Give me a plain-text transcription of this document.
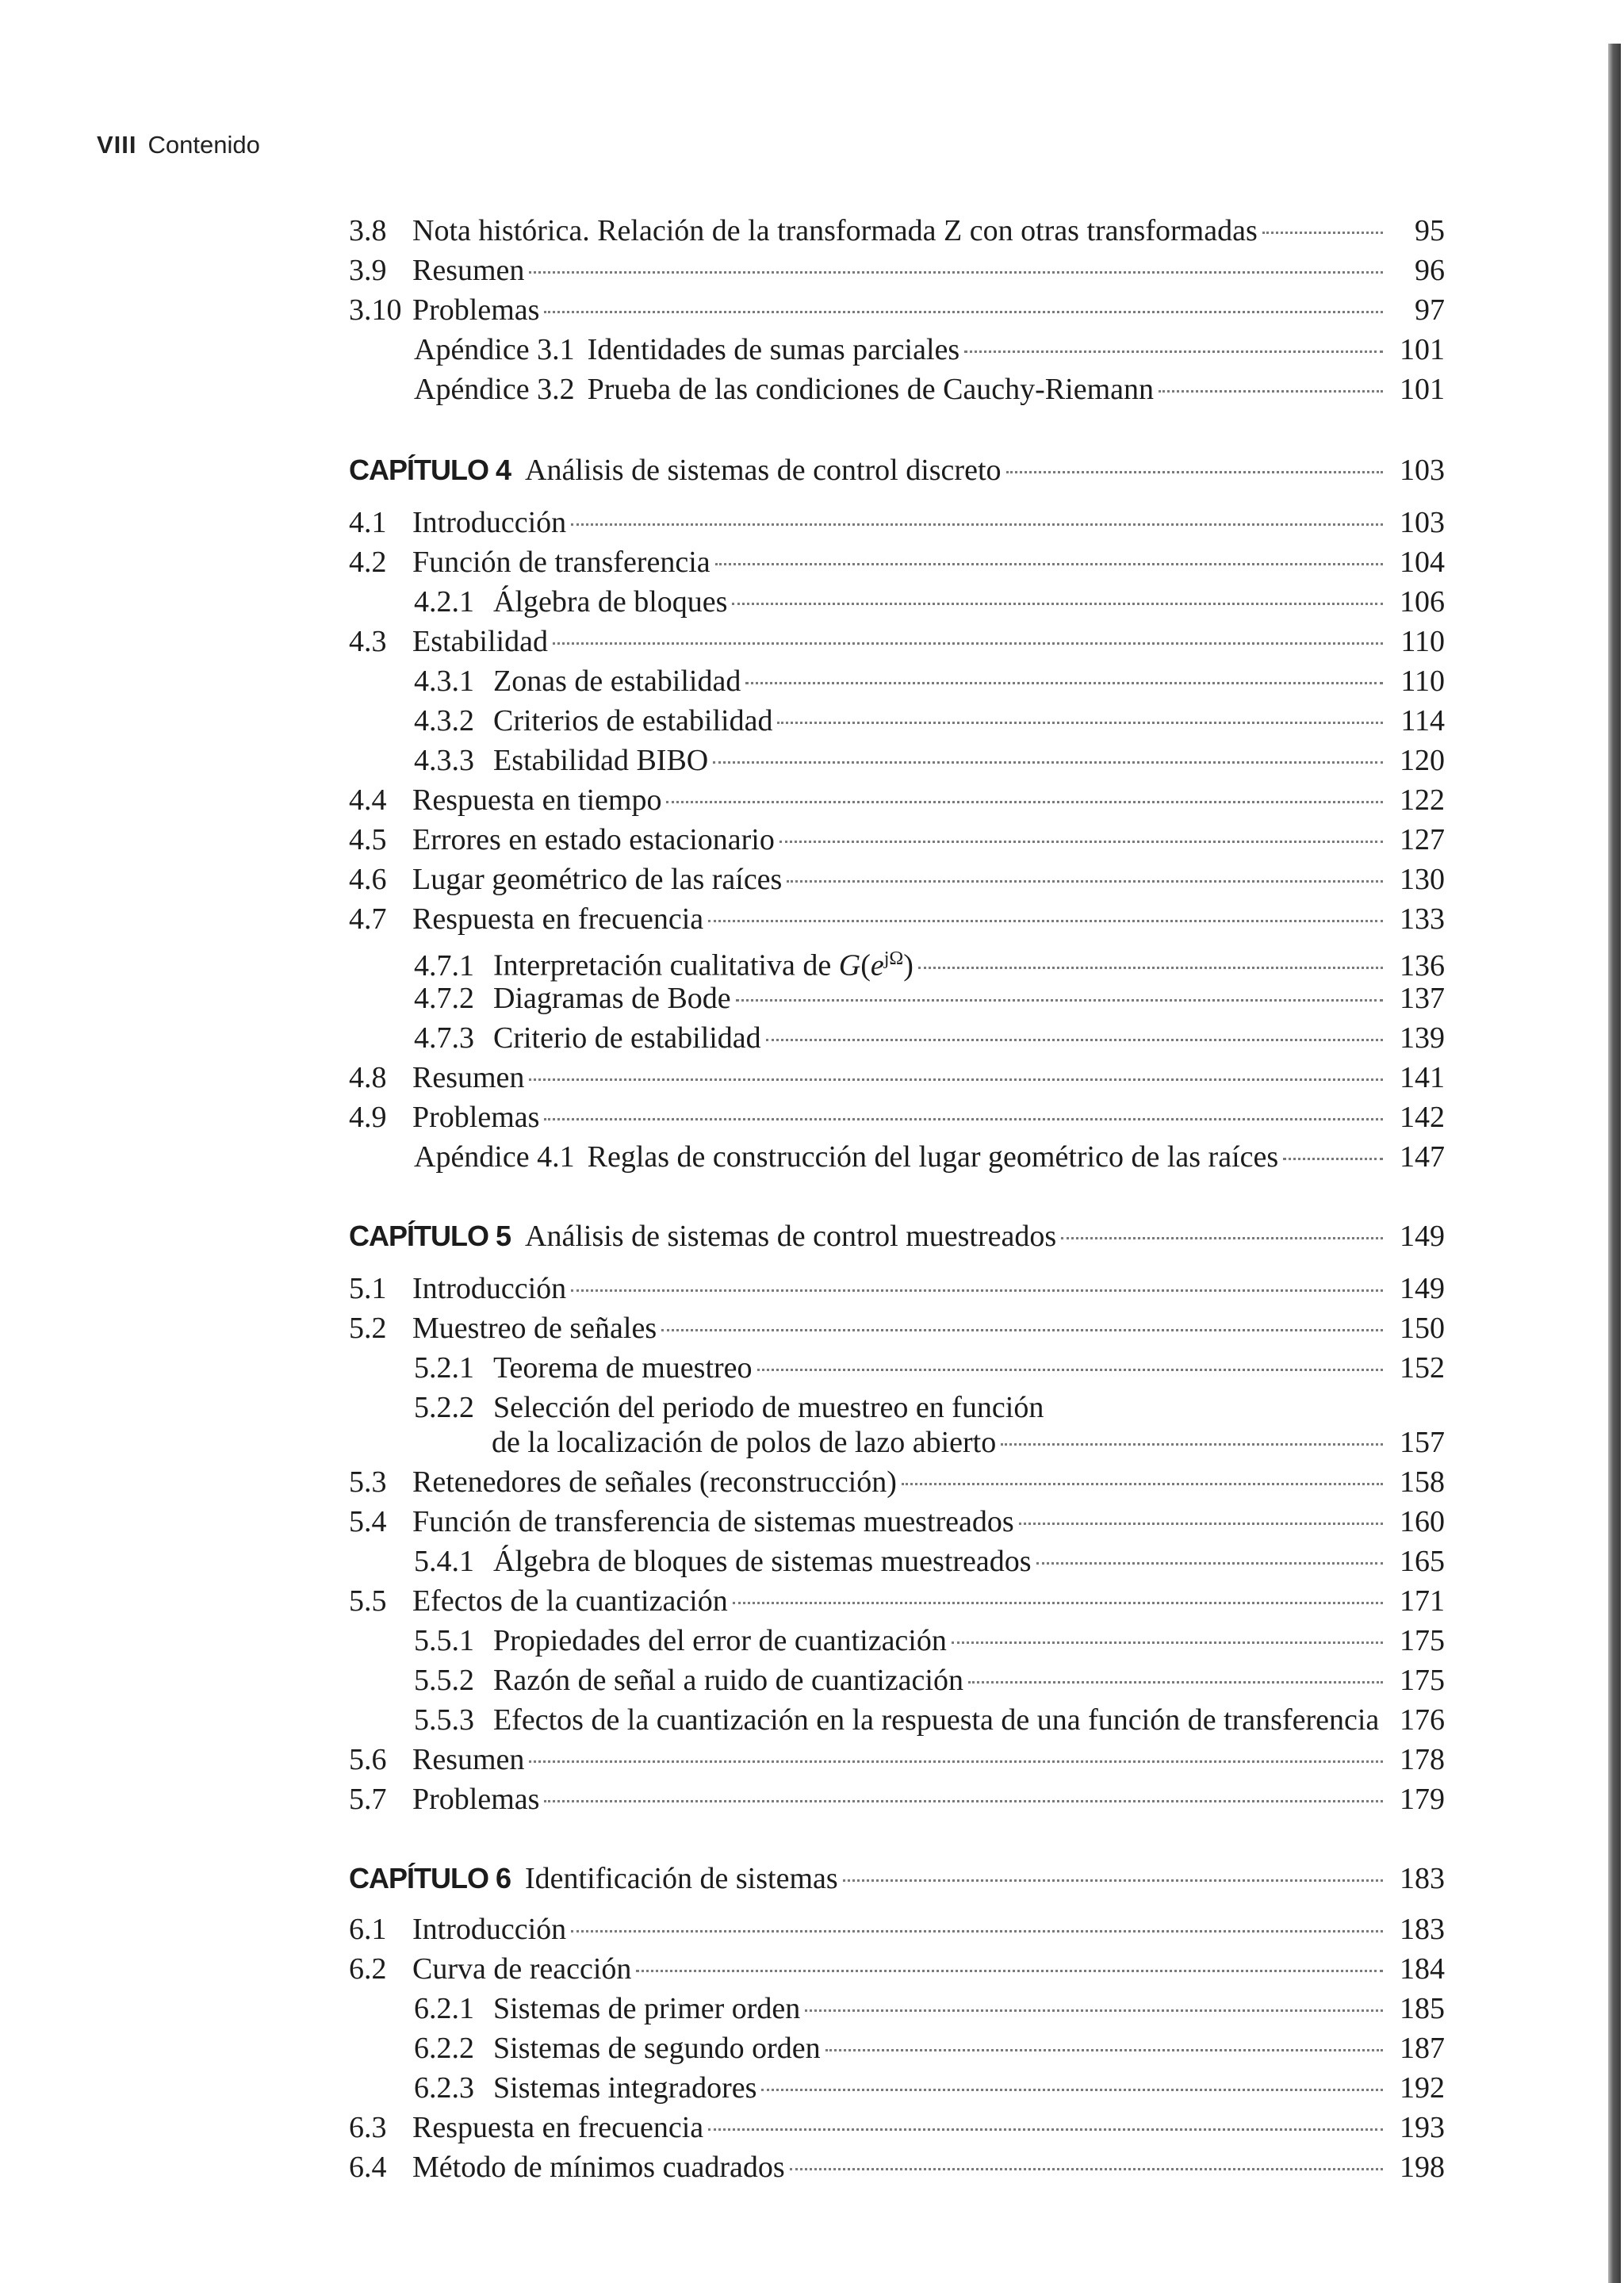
VIII Contenido
3.8 Nota histórica. Relación de la transformada Z con otras transformadas	95
3.9 Resumen	96
3.10 Problemas	97
Apéndice 3.1 Identidades de sumas parciales	101
Apéndice 3.2 Prueba de las condiciones de Cauchy-Riemann	101
CAPÍTULO 4 Análisis de sistemas de control discreto	103
4.1 Introducción	103
4.2 Función de transferencia	104
4.2.1 Álgebra de bloques	106
4.3 Estabilidad	110
4.3.1 Zonas de estabilidad	110
4.3.2 Criterios de estabilidad	114
4.3.3 Estabilidad BIBO	120
4.4 Respuesta en tiempo	122
4.5 Errores en estado estacionario	127
4.6 Lugar geométrico de las raíces	130
4.7 Respuesta en frecuencia	133
4.7.1 Interpretación cualitativa de $G(e^{j\Omega})$	136
4.7.2 Diagramas de Bode	137
4.7.3 Criterio de estabilidad	139
4.8 Resumen	141
4.9 Problemas	142
Apéndice 4.1 Reglas de construcción del lugar geométrico de las raíces	147
CAPÍTULO 5 Análisis de sistemas de control muestreados	149
5.1 Introducción	149
5.2 Muestreo de señales	150
5.2.1 Teorema de muestreo	152
5.2.2 Selección del periodo de muestreo en función
de la localización de polos de lazo abierto	157
5.3 Retenedores de señales (reconstrucción)	158
5.4 Función de transferencia de sistemas muestreados	160
5.4.1 Álgebra de bloques de sistemas muestreados	165
5.5 Efectos de la cuantización	171
5.5.1 Propiedades del error de cuantización	175
5.5.2 Razón de señal a ruido de cuantización	175
5.5.3 Efectos de la cuantización en la respuesta de una función de transferencia 176
5.6 Resumen	178
5.7 Problemas	179
CAPÍTULO 6 Identificación de sistemas	183
6.1 Introducción	183
6.2 Curva de reacción	184
6.2.1 Sistemas de primer orden	185
6.2.2 Sistemas de segundo orden	187
6.2.3 Sistemas integradores	192
6.3 Respuesta en frecuencia	193
6.4 Método de mínimos cuadrados	198
